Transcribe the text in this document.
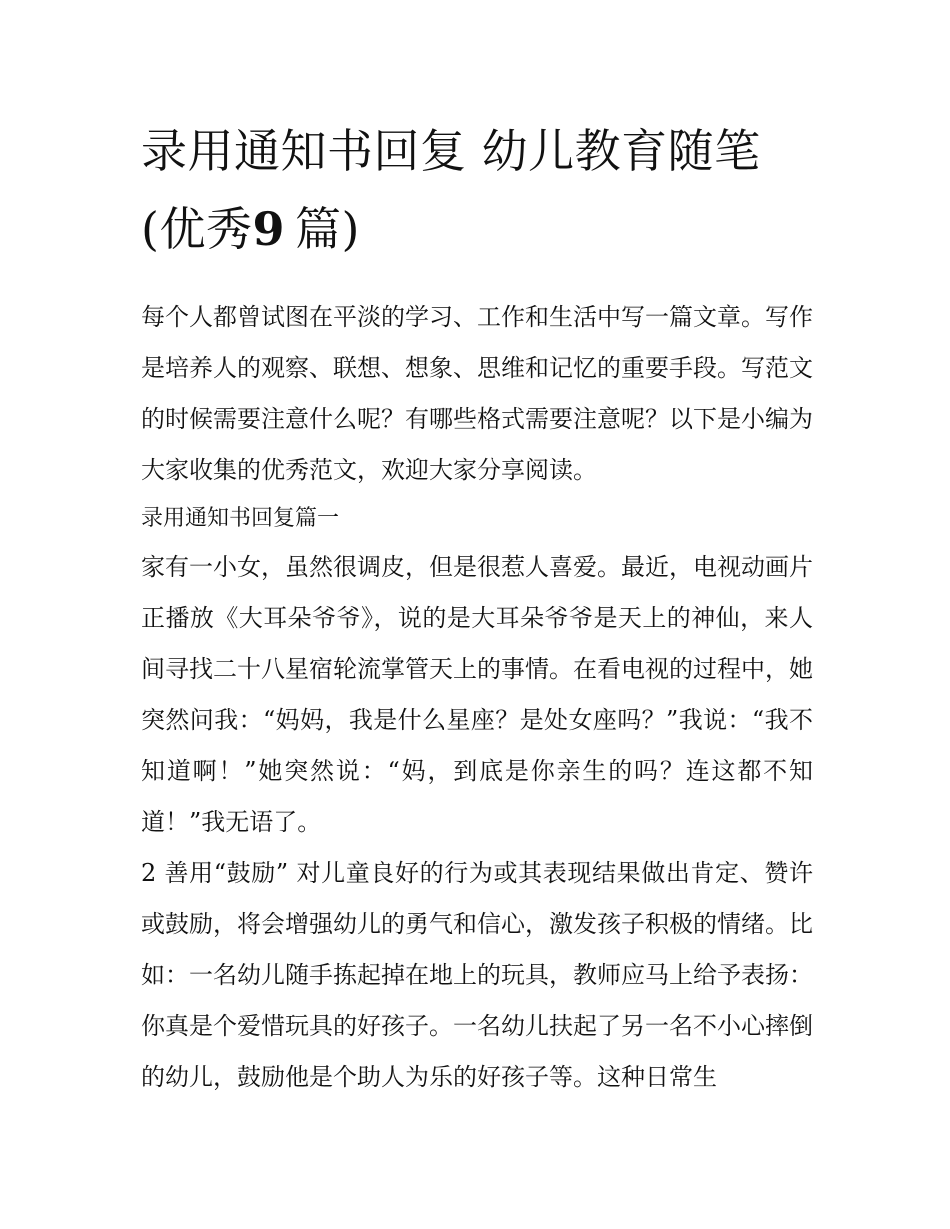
录用通知书回复 幼儿教育随笔
(优秀9 篇)

每个人都曾试图在平淡的学习、工作和生活中写一篇文章。写作是培养人的观察、联想、想象、思维和记忆的重要手段。写范文的时候需要注意什么呢？有哪些格式需要注意呢？以下是小编为大家收集的优秀范文，欢迎大家分享阅读。

录用通知书回复篇一

家有一小女，虽然很调皮，但是很惹人喜爱。最近，电视动画片正播放《大耳朵爷爷》，说的是大耳朵爷爷是天上的神仙，来人间寻找二十八星宿轮流掌管天上的事情。在看电视的过程中，她突然问我：“妈妈，我是什么星座？是处女座吗？”我说：“我不知道啊！”她突然说：“妈，到底是你亲生的吗？连这都不知道！”我无语了。

2 善用“鼓励” 对儿童良好的行为或其表现结果做出肯定、赞许或鼓励，将会增强幼儿的勇气和信心，激发孩子积极的情绪。比如：一名幼儿随手拣起掉在地上的玩具，教师应马上给予表扬：你真是个爱惜玩具的好孩子。一名幼儿扶起了另一名不小心摔倒的幼儿，鼓励他是个助人为乐的好孩子等。这种日常生
